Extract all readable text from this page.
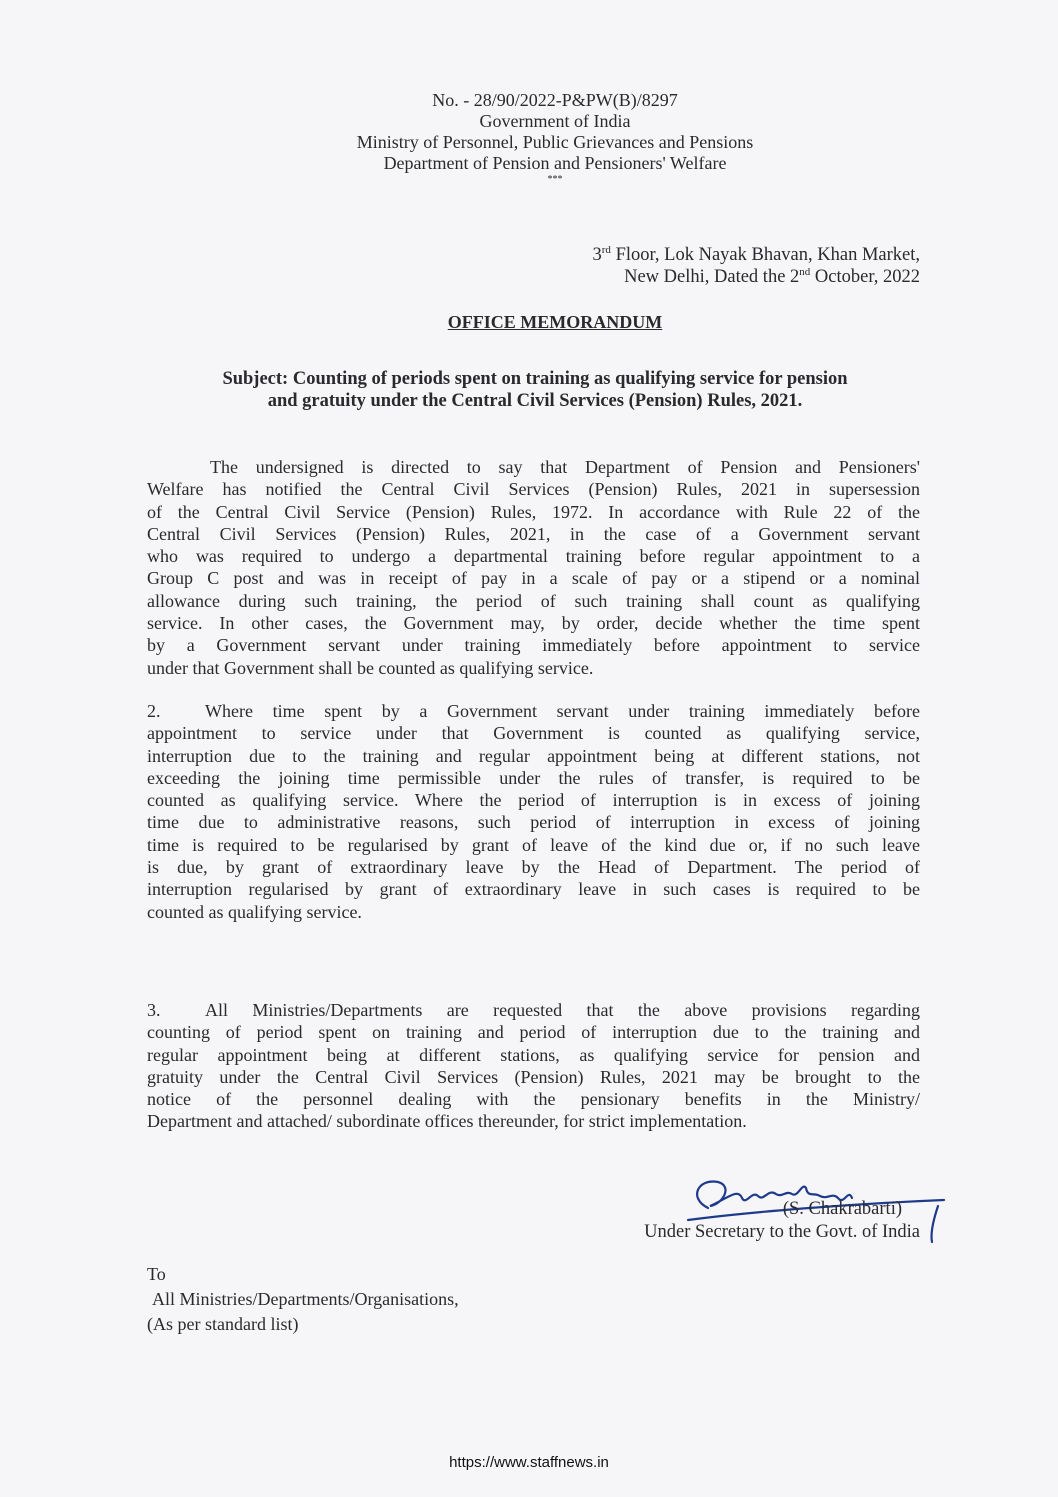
No. - 28/90/2022-P&PW(B)/8297
Government of India
Ministry of Personnel, Public Grievances and Pensions
Department of Pension and Pensioners' Welfare
***
3rd Floor, Lok Nayak Bhavan, Khan Market,
New Delhi, Dated the 2nd October, 2022
OFFICE MEMORANDUM
Subject: Counting of periods spent on training as qualifying service for pension
and gratuity under the Central Civil Services (Pension) Rules, 2021.
The undersigned is directed to say that Department of Pension and Pensioners'
Welfare has notified the Central Civil Services (Pension) Rules, 2021 in supersession
of the Central Civil Service (Pension) Rules, 1972. In accordance with Rule 22 of the
Central Civil Services (Pension) Rules, 2021, in the case of a Government servant
who was required to undergo a departmental training before regular appointment to a
Group C post and was in receipt of pay in a scale of pay or a stipend or a nominal
allowance during such training, the period of such training shall count as qualifying
service. In other cases, the Government may, by order, decide whether the time spent
by a Government servant under training immediately before appointment to service
under that Government shall be counted as qualifying service.
2.	Where time spent by a Government servant under training immediately before
appointment to service under that Government is counted as qualifying service,
interruption due to the training and regular appointment being at different stations, not
exceeding the joining time permissible under the rules of transfer, is required to be
counted as qualifying service. Where the period of interruption is in excess of joining
time due to administrative reasons, such period of interruption in excess of joining
time is required to be regularised by grant of leave of the kind due or, if no such leave
is due, by grant of extraordinary leave by the Head of Department. The period of
interruption regularised by grant of extraordinary leave in such cases is required to be
counted as qualifying service.
3.	All Ministries/Departments are requested that the above provisions regarding
counting of period spent on training and period of interruption due to the training and
regular appointment being at different stations, as qualifying service for pension and
gratuity under the Central Civil Services (Pension) Rules, 2021 may be brought to the
notice of the personnel dealing with the pensionary benefits in the Ministry/
Department and attached/ subordinate offices thereunder, for strict implementation.
(S. Chakrabarti)
Under Secretary to the Govt. of India
To
All Ministries/Departments/Organisations,
(As per standard list)
https://www.staffnews.in
